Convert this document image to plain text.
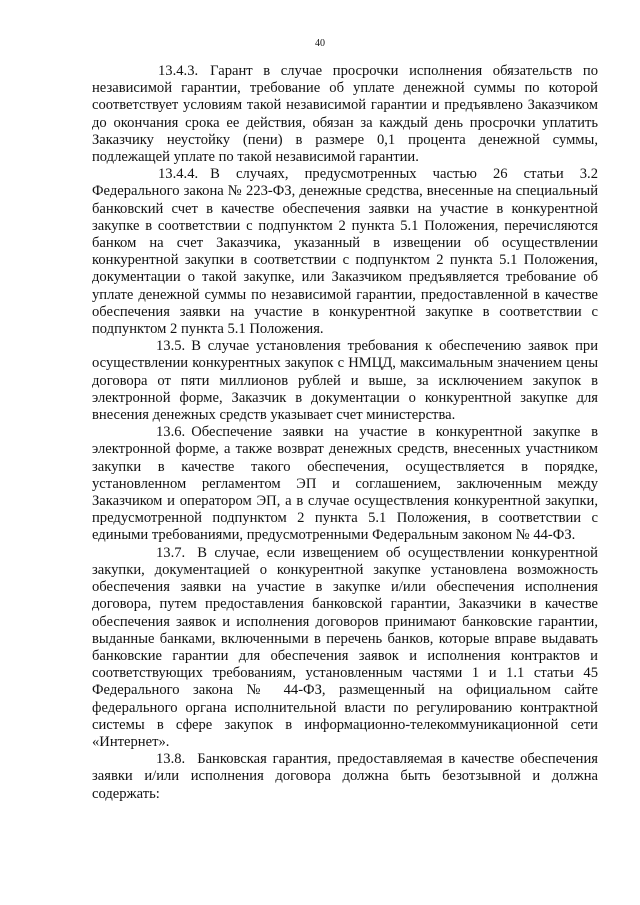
40

13.4.3. Гарант в случае просрочки исполнения обязательств по независимой гарантии, требование об уплате денежной суммы по которой соответствует условиям такой независимой гарантии и предъявлено Заказчиком до окончания срока ее действия, обязан за каждый день просрочки уплатить Заказчику неустойку (пени) в размере 0,1 процента денежной суммы, подлежащей уплате по такой независимой гарантии.

13.4.4. В случаях, предусмотренных частью 26 статьи 3.2 Федерального закона № 223-ФЗ, денежные средства, внесенные на специальный банковский счет в качестве обеспечения заявки на участие в конкурентной закупке в соответствии с подпунктом 2 пункта 5.1 Положения, перечисляются банком на счет Заказчика, указанный в извещении об осуществлении конкурентной закупки в соответствии с подпунктом 2 пункта 5.1 Положения, документации о такой закупке, или Заказчиком предъявляется требование об уплате денежной суммы по независимой гарантии, предоставленной в качестве обеспечения заявки на участие в конкурентной закупке в соответствии с подпунктом 2 пункта 5.1 Положения.

13.5. В случае установления требования к обеспечению заявок при осуществлении конкурентных закупок с НМЦД, максимальным значением цены договора от пяти миллионов рублей и выше, за исключением закупок в электронной форме, Заказчик в документации о конкурентной закупке для внесения денежных средств указывает счет министерства.

13.6. Обеспечение заявки на участие в конкурентной закупке в электронной форме, а также возврат денежных средств, внесенных участником закупки в качестве такого обеспечения, осуществляется в порядке, установленном регламентом ЭП и соглашением, заключенным между Заказчиком и оператором ЭП, а в случае осуществления конкурентной закупки, предусмотренной подпунктом 2 пункта 5.1 Положения, в соответствии с едиными требованиями, предусмотренными Федеральным законом № 44-ФЗ.

13.7. В случае, если извещением об осуществлении конкурентной закупки, документацией о конкурентной закупке установлена возможность обеспечения заявки на участие в закупке и/или обеспечения исполнения договора, путем предоставления банковской гарантии, Заказчики в качестве обеспечения заявок и исполнения договоров принимают банковские гарантии, выданные банками, включенными в перечень банков, которые вправе выдавать банковские гарантии для обеспечения заявок и исполнения контрактов и соответствующих требованиям, установленным частями 1 и 1.1 статьи 45 Федерального закона № 44-ФЗ, размещенный на официальном сайте федерального органа исполнительной власти по регулированию контрактной системы в сфере закупок в информационно-телекоммуникационной сети «Интернет».

13.8. Банковская гарантия, предоставляемая в качестве обеспечения заявки и/или исполнения договора должна быть безотзывной и должна содержать:
